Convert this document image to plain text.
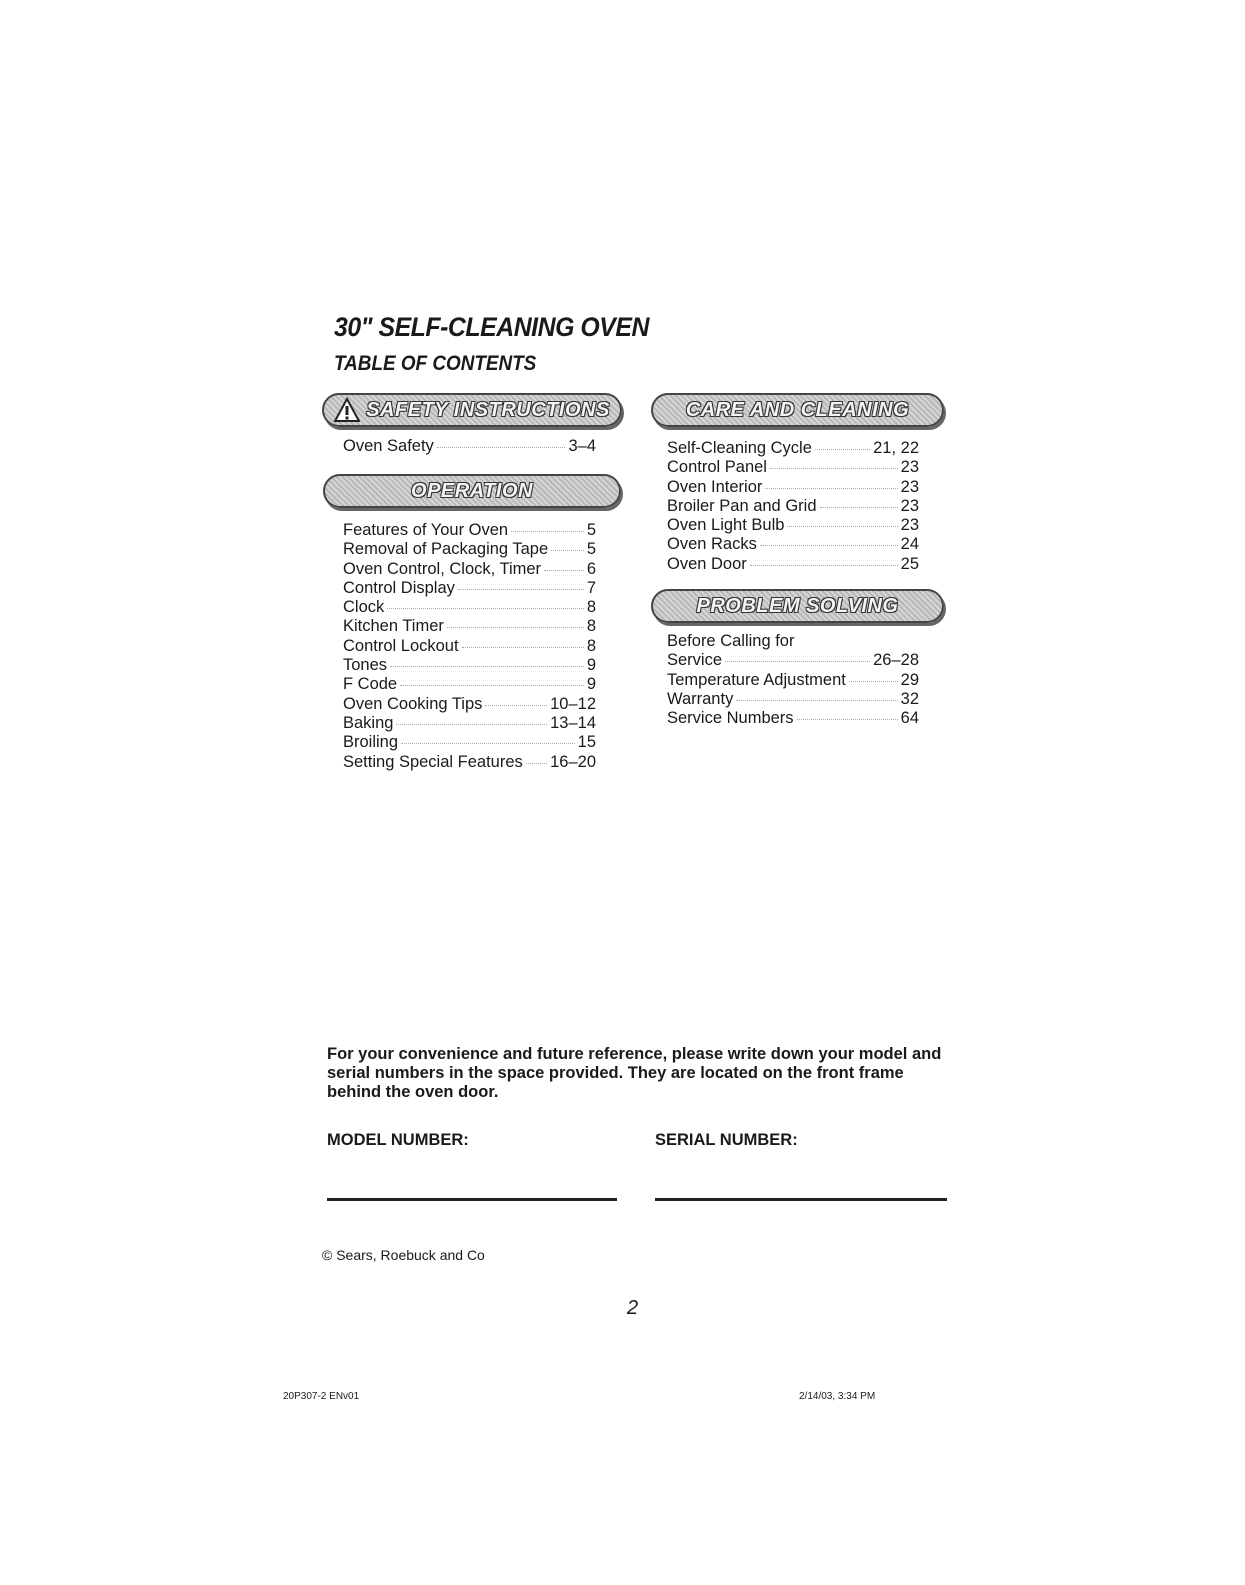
30" SELF-CLEANING OVEN
TABLE OF CONTENTS
SAFETY INSTRUCTIONS
Oven Safety	3–4
OPERATION
Features of Your Oven	5
Removal of Packaging Tape 5
Oven Control, Clock, Timer	6
Control Display	7
Clock	8
Kitchen Timer	8
Control Lockout	8
Tones	9
F Code	9
Oven Cooking Tips	10–12
Baking	13–14
Broiling	15
Setting Special Features 16–20
CARE AND CLEANING
Self-Cleaning Cycle	21, 22
Control Panel	23
Oven Interior	23
Broiler Pan and Grid	23
Oven Light Bulb	23
Oven Racks	24
Oven Door	25
PROBLEM SOLVING
Before Calling for
Service	26–28
Temperature Adjustment	29
Warranty	32
Service Numbers	64
For your convenience and future reference, please write down your model and serial numbers in the space provided. They are located on the front frame behind the oven door.
MODEL NUMBER:	SERIAL NUMBER:
© Sears, Roebuck and Co
2
20P307-2 ENv01	2/14/03, 3:34 PM
